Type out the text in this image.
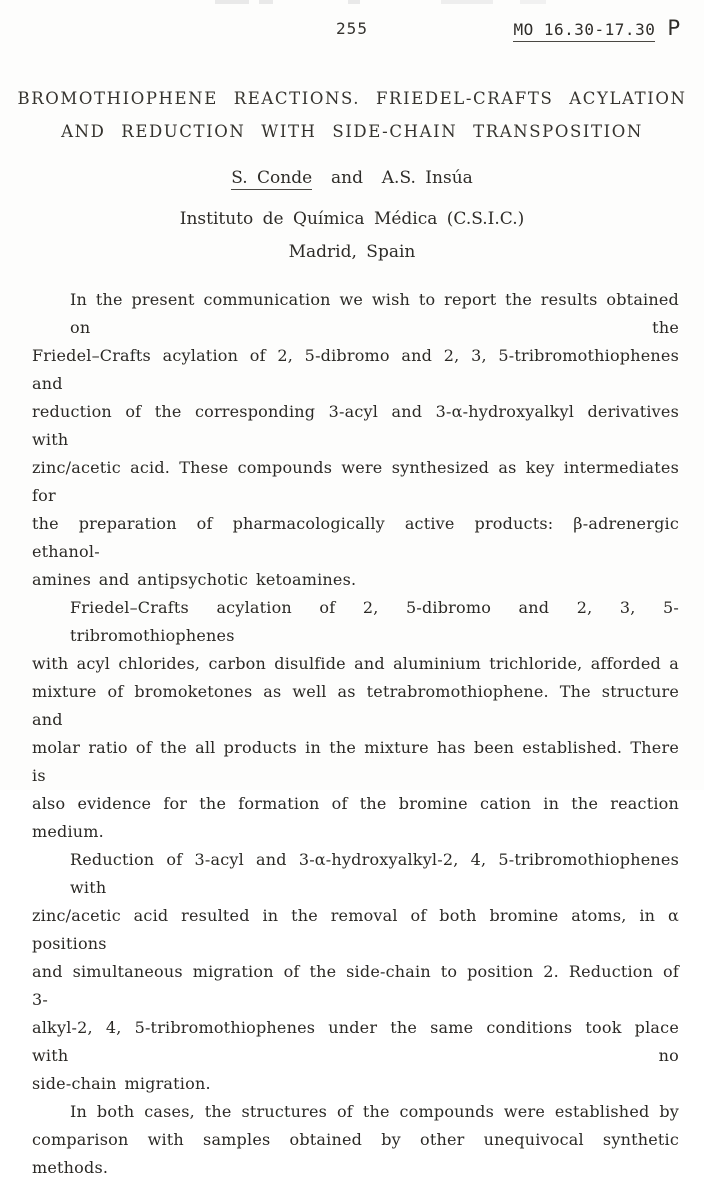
255	MO 16.30-17.30 P
BROMOTHIOPHENE REACTIONS. FRIEDEL-CRAFTS ACYLATION
AND REDUCTION WITH SIDE-CHAIN TRANSPOSITION
S. Conde and A.S. Insúa
Instituto de Química Médica (C.S.I.C.)
Madrid, Spain
In the present communication we wish to report the results obtained on the
Friedel–Crafts acylation of 2, 5-dibromo and 2, 3, 5-tribromothiophenes and
reduction of the corresponding 3-acyl and 3-α-hydroxyalkyl derivatives with
zinc/acetic acid. These compounds were synthesized as key intermediates for
the preparation of pharmacologically active products: β-adrenergic ethanol-
amines and antipsychotic ketoamines.
Friedel–Crafts acylation of 2, 5-dibromo and 2, 3, 5-tribromothiophenes
with acyl chlorides, carbon disulfide and aluminium trichloride, afforded a
mixture of bromoketones as well as tetrabromothiophene. The structure and
molar ratio of the all products in the mixture has been established. There is
also evidence for the formation of the bromine cation in the reaction medium.
Reduction of 3-acyl and 3-α-hydroxyalkyl-2, 4, 5-tribromothiophenes with
zinc/acetic acid resulted in the removal of both bromine atoms, in α positions
and simultaneous migration of the side-chain to position 2. Reduction of 3-
alkyl-2, 4, 5-tribromothiophenes under the same conditions took place with no
side-chain migration.
In both cases, the structures of the compounds were established by
comparison with samples obtained by other unequivocal synthetic methods.
